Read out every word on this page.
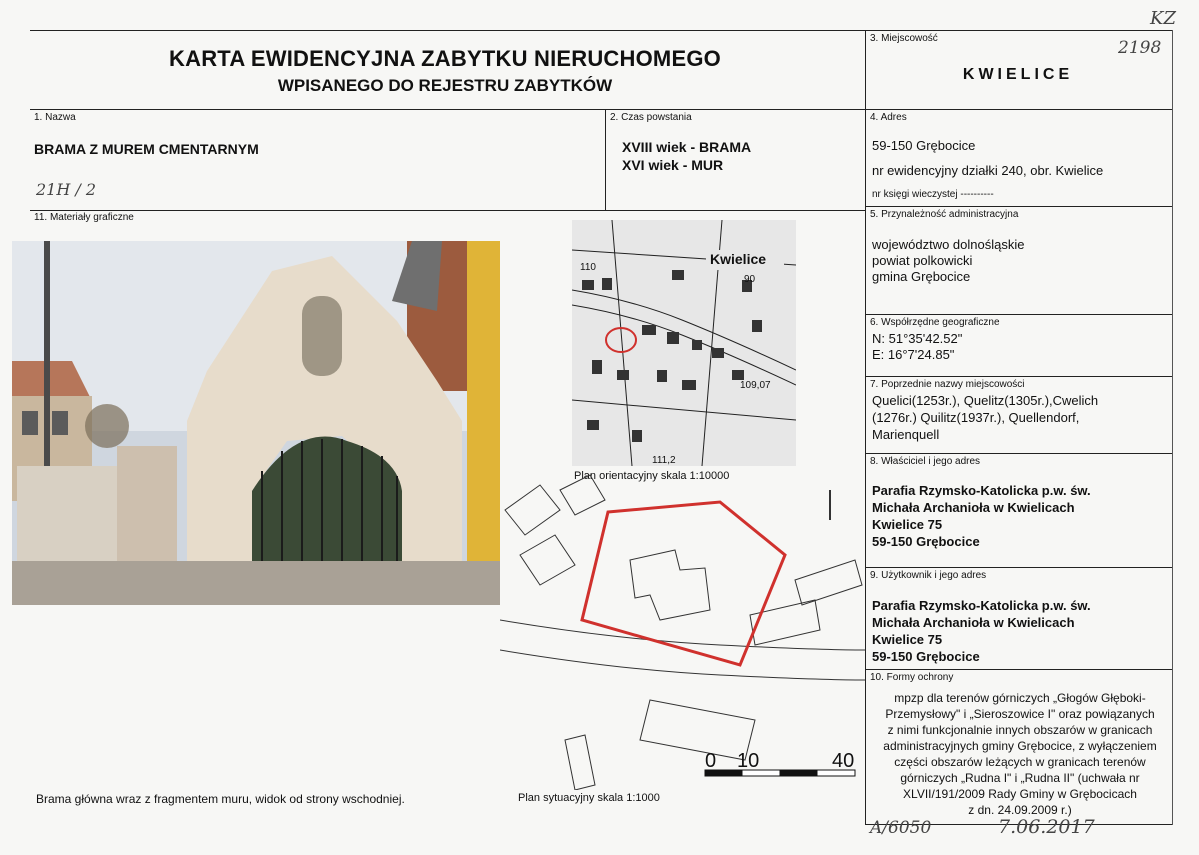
KARTA EWIDENCYJNA ZABYTKU NIERUCHOMEGO
WPISANEGO DO REJESTRU ZABYTKÓW
KZ
2198
3. Miejscowość
KWIELICE
1. Nazwa
BRAMA Z MUREM CMENTARNYM
21H / 2
2. Czas powstania
XVIII wiek - BRAMA
XVI wiek - MUR
4. Adres
59-150 Grębocice
nr ewidencyjny działki 240, obr. Kwielice
nr księgi wieczystej ----------
11. Materiały graficzne	5. Przynależność administracyjna
województwo dolnośląskie
powiat polkowicki
gmina Grębocice
6. Współrzędne geograficzne
N: 51°35'42.52"
E: 16°7'24.85"
7. Poprzednie nazwy miejscowości
Quelici(1253r.), Quelitz(1305r.),Cwelich
(1276r.) Quilitz(1937r.), Quellendorf,
Marienquell
8. Właściciel i jego adres
Parafia Rzymsko-Katolicka p.w. św.
Michała Archanioła w Kwielicach
Kwielice 75
59-150 Grębocice
9. Użytkownik i jego adres
Parafia Rzymsko-Katolicka p.w. św.
Michała Archanioła w Kwielicach
Kwielice 75
59-150 Grębocice
10. Formy ochrony
mpzp dla terenów górniczych „Głogów Głęboki-
Przemysłowy" i „Sieroszowice I" oraz powiązanych
z nimi funkcjonalnie innych obszarów w granicach
administracyjnych gminy Grębocice, z wyłączeniem
części obszarów leżących w granicach terenów
górniczych „Rudna I" i „Rudna II" (uchwała nr
XLVII/191/2009 Rady Gminy w Grębocicach
z dn. 24.09.2009 r.)
Brama główna wraz z fragmentem muru, widok od strony wschodniej.
Kwielice
90
110
109,07
111,2
Plan orientacyjny skala 1:10000
0 10	40
Plan sytuacyjny skala 1:1000
A/6050	7.06.2017
